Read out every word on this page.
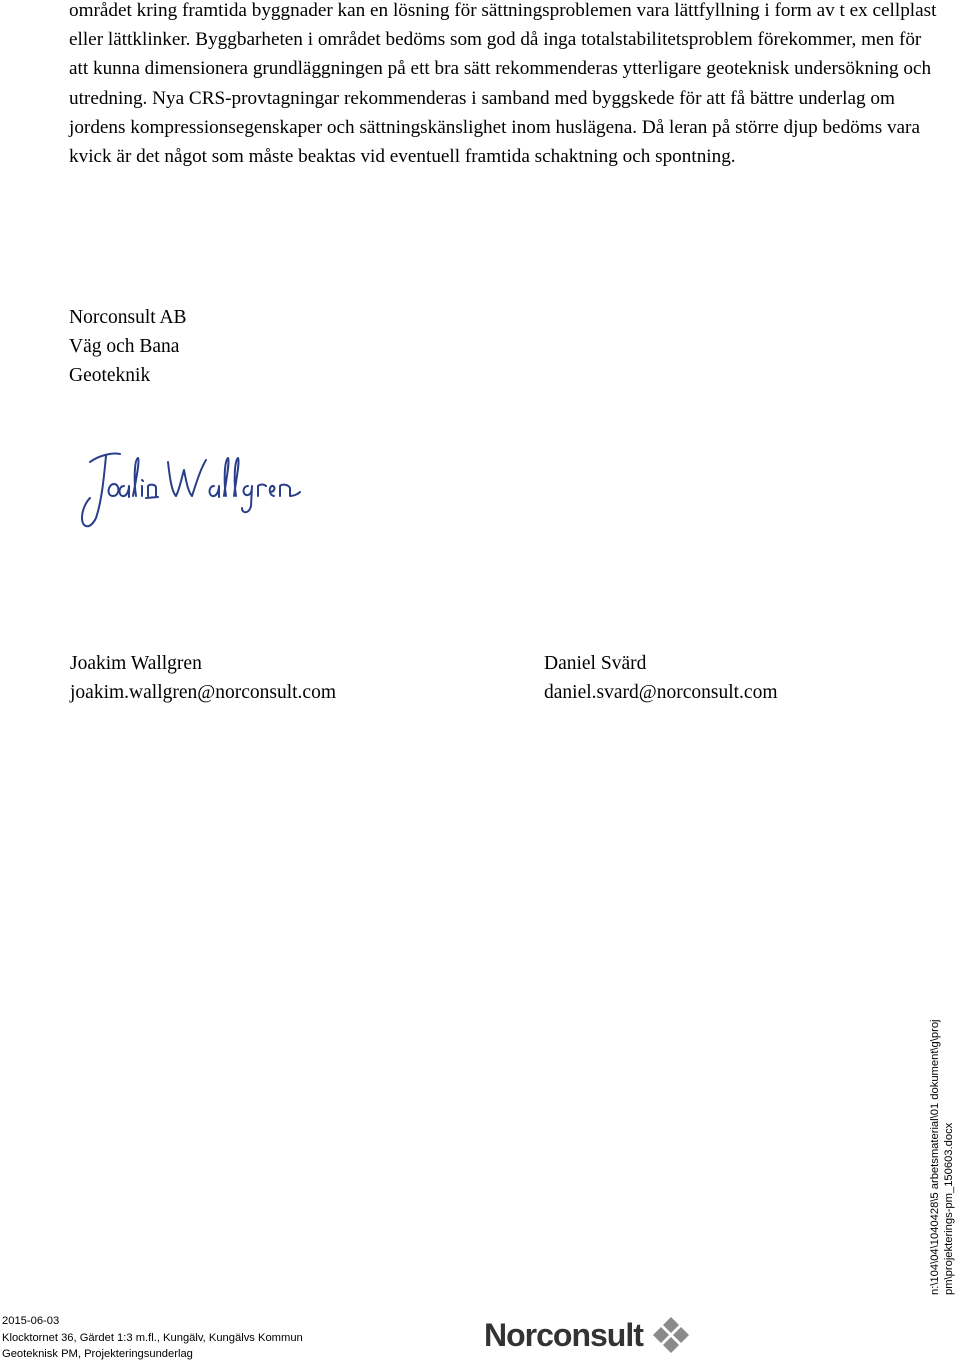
området kring framtida byggnader kan en lösning för sättningsproblemen vara lättfyllning i form av t ex cellplast eller lättklinker. Byggbarheten i området bedöms som god då inga totalstabilitetsproblem förekommer, men för att kunna dimensionera grundläggningen på ett bra sätt rekommenderas ytterligare geoteknisk undersökning och utredning. Nya CRS-provtagningar rekommenderas i samband med byggskede för att få bättre underlag om jordens kompressionsegenskaper och sättningskänslighet inom huslägena. Då leran på större djup bedöms vara kvick är det något som måste beaktas vid eventuell framtida schaktning och spontning.

Norconsult AB
Väg och Bana
Geoteknik
Joakim Wallgren
joakim.wallgren@norconsult.com
Daniel Svärd
daniel.svard@norconsult.com
n:\104\04\1040428\5 arbetsmaterial\01 dokument\g\proj pm\projekterings-pm_150603.docx
2015-06-03
Klocktornet 36, Gärdet 1:3 m.fl., Kungälv, Kungälvs Kommun
Geoteknisk PM, Projekteringsunderlag
Norconsult
